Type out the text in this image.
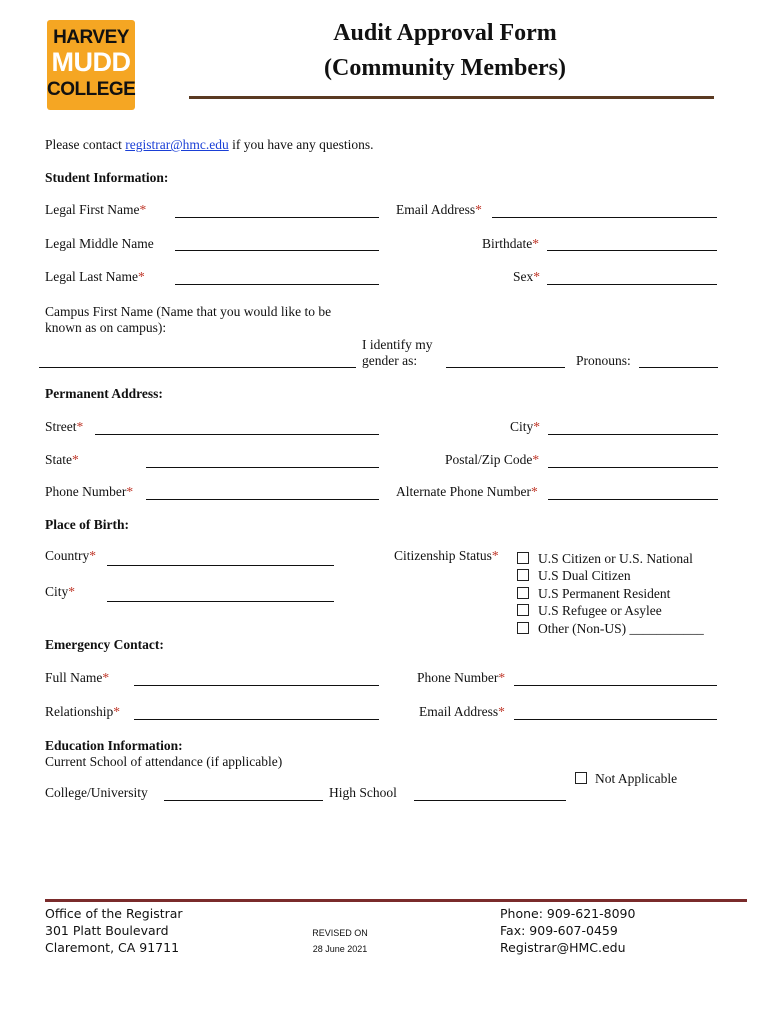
HARVEY
MUDD
COLLEGE
Audit Approval Form
(Community Members)
Please contact registrar@hmc.edu if you have any questions.
Student Information:
Legal First Name*	Email Address*
Legal Middle Name	Birthdate*
Legal Last Name*	Sex*
Campus First Name (Name that you would like to be
known as on campus):
I identify my
gender as:	Pronouns:
Permanent Address:
Street*	City*
State*	Postal/Zip Code*
Phone Number*	Alternate Phone Number*
Place of Birth:
Country*
City*
Citizenship Status*	U.S Citizen or U.S. National
U.S Dual Citizen
U.S Permanent Resident
U.S Refugee or Asylee
Other (Non-US) ___________
Emergency Contact:
Full Name*	Phone Number*
Relationship*	Email Address*
Education Information:
Current School of attendance (if applicable)
Not Applicable
College/University	High School
Office of the Registrar
301 Platt Boulevard
Claremont, CA 91711
REVISED ON
28 June 2021
Phone: 909-621-8090
Fax: 909-607-0459
Registrar@HMC.edu
